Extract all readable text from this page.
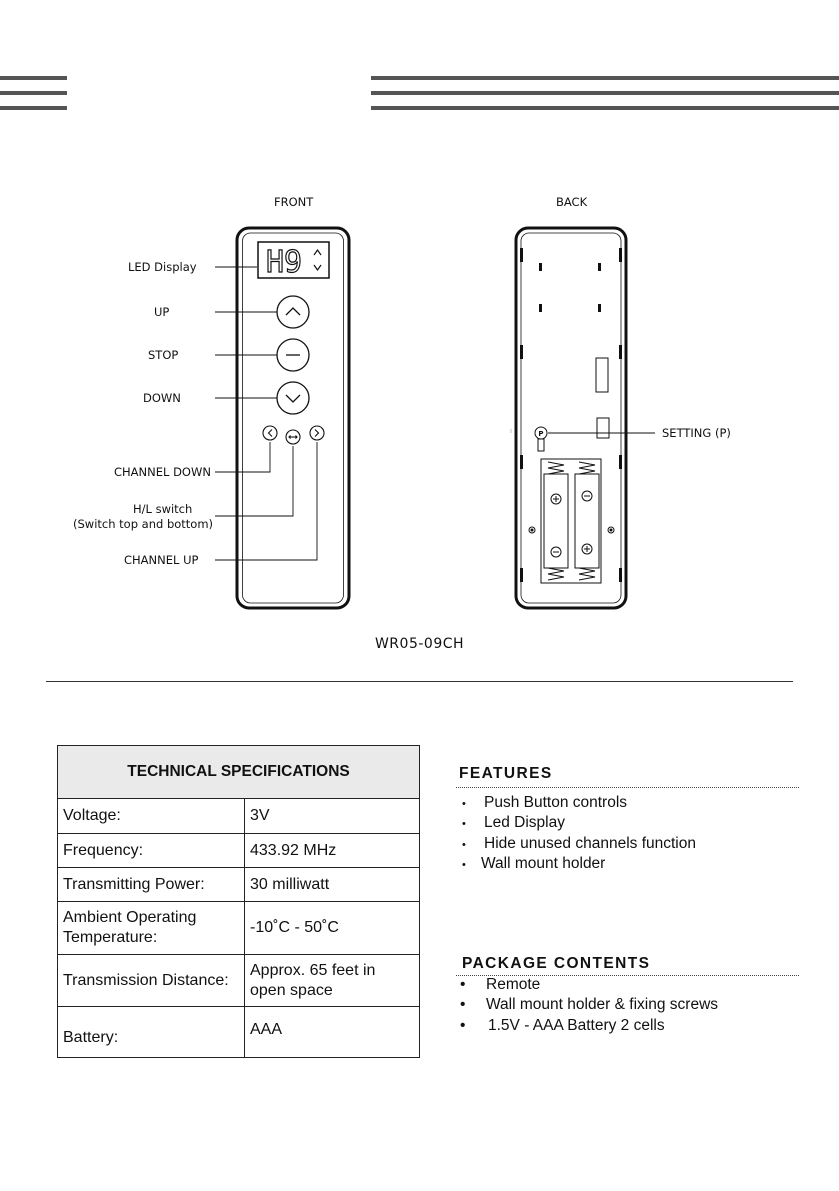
FRONT	BACK
H9
P
LED Display
UP
STOP
DOWN
CHANNEL DOWN
H/L switch
(Switch top and bottom)
CHANNEL UP
SETTING (P)
WR05-09CH
TECHNICAL SPECIFICATIONS	
Voltage:	3V
Frequency:	433.92 MHz
Transmitting Power:	30 milliwatt
Ambient Operating
Temperature:	-10˚C - 50˚C
Transmission Distance:	Approx. 65 feet in
open space
Battery:	AAA
FEATURES
• Push Button controls
• Led Display
• Hide unused channels function
• Wall mount holder
PACKAGE CONTENTS
• Remote
• Wall mount holder & fixing screws
• 1.5V - AAA Battery 2 cells
